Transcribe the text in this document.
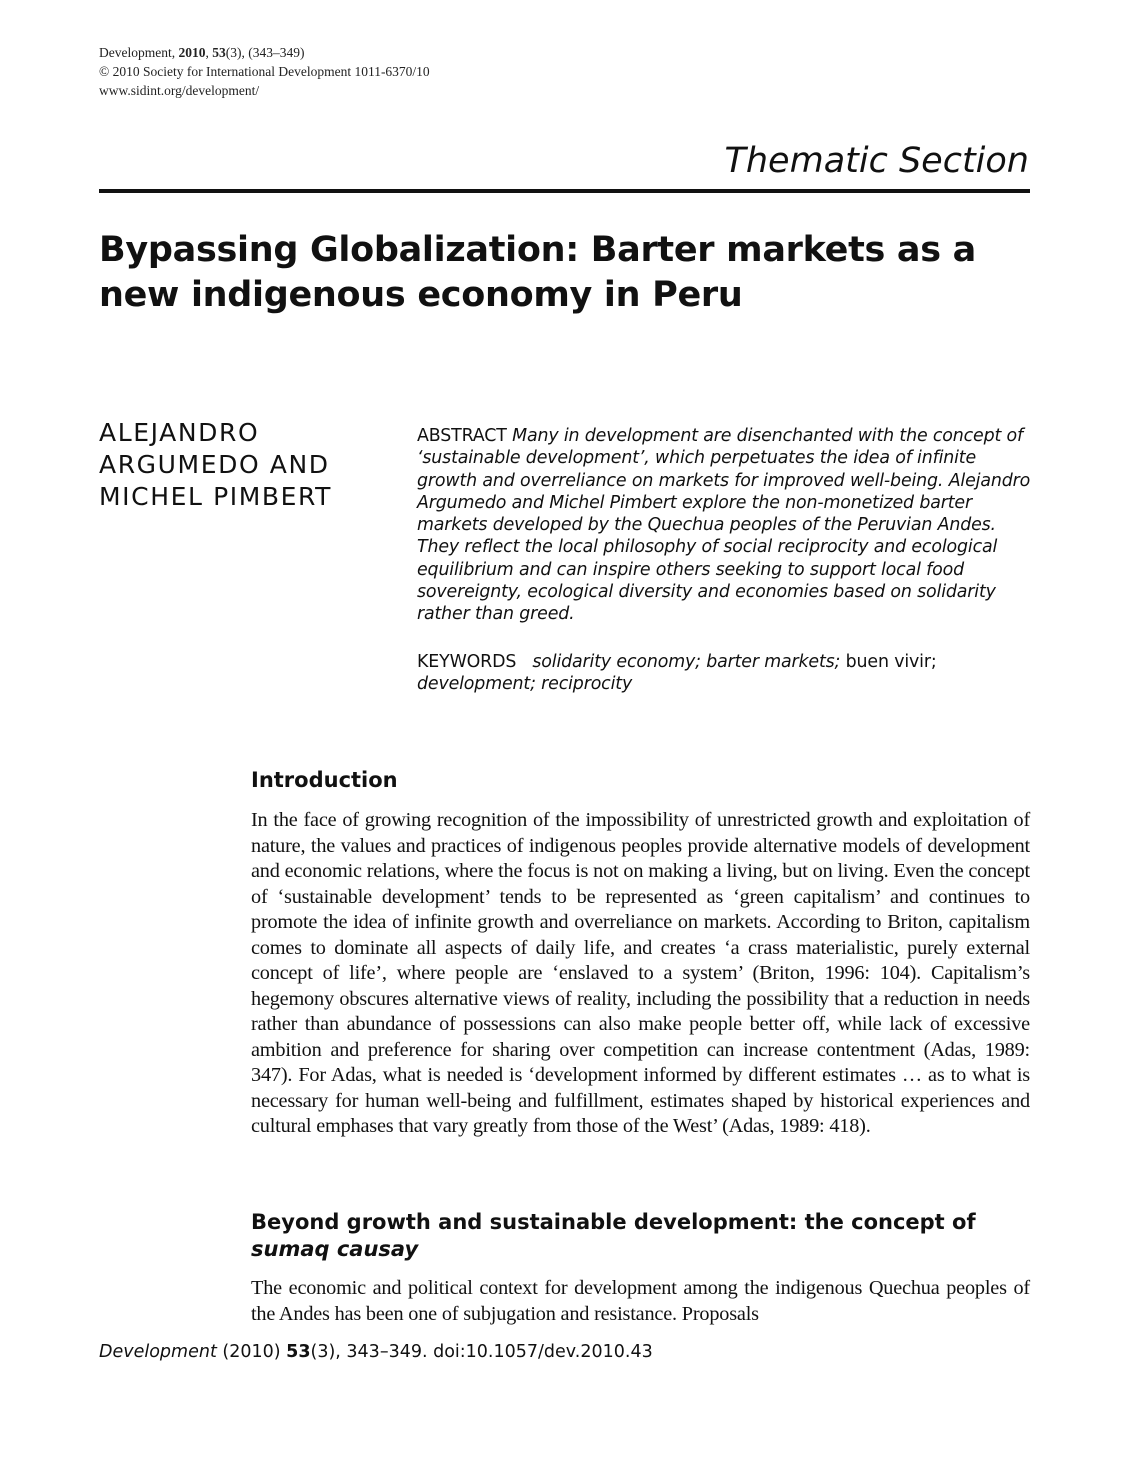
Development, 2010, 53(3), (343–349)
© 2010 Society for International Development 1011-6370/10
www.sidint.org/development/
Thematic Section
Bypassing Globalization: Barter markets as a new indigenous economy in Peru
ALEJANDRO
ARGUMEDO AND
MICHEL PIMBERT
ABSTRACT Many in development are disenchanted with the concept of ‘sustainable development’, which perpetuates the idea of infinite growth and overreliance on markets for improved well-being. Alejandro Argumedo and Michel Pimbert explore the non-monetized barter markets developed by the Quechua peoples of the Peruvian Andes. They reflect the local philosophy of social reciprocity and ecological equilibrium and can inspire others seeking to support local food sovereignty, ecological diversity and economies based on solidarity rather than greed.
KEYWORDS solidarity economy; barter markets; buen vivir;
development; reciprocity
Introduction

In the face of growing recognition of the impossibility of unrestricted growth and exploitation of nature, the values and practices of indigenous peoples provide alternative models of development and economic relations, where the focus is not on making a living, but on living. Even the concept of ‘sustainable development’ tends to be represented as ‘green capitalism’ and continues to promote the idea of infinite growth and overreliance on markets. According to Briton, capitalism comes to dominate all aspects of daily life, and creates ‘a crass materialistic, purely external concept of life’, where people are ‘enslaved to a system’ (Briton, 1996: 104). Capitalism’s hegemony obscures alternative views of reality, including the possibility that a reduction in needs rather than abundance of possessions can also make people better off, while lack of excessive ambition and preference for sharing over competition can increase contentment (Adas, 1989: 347). For Adas, what is needed is ‘development informed by different estimates … as to what is necessary for human well-being and fulfillment, estimates shaped by historical experiences and cultural emphases that vary greatly from those of the West’ (Adas, 1989: 418).

Beyond growth and sustainable development: the concept of sumaq causay

The economic and political context for development among the indigenous Quechua peoples of the Andes has been one of subjugation and resistance. Proposals

Development (2010) 53(3), 343–349. doi:10.1057/dev.2010.43
